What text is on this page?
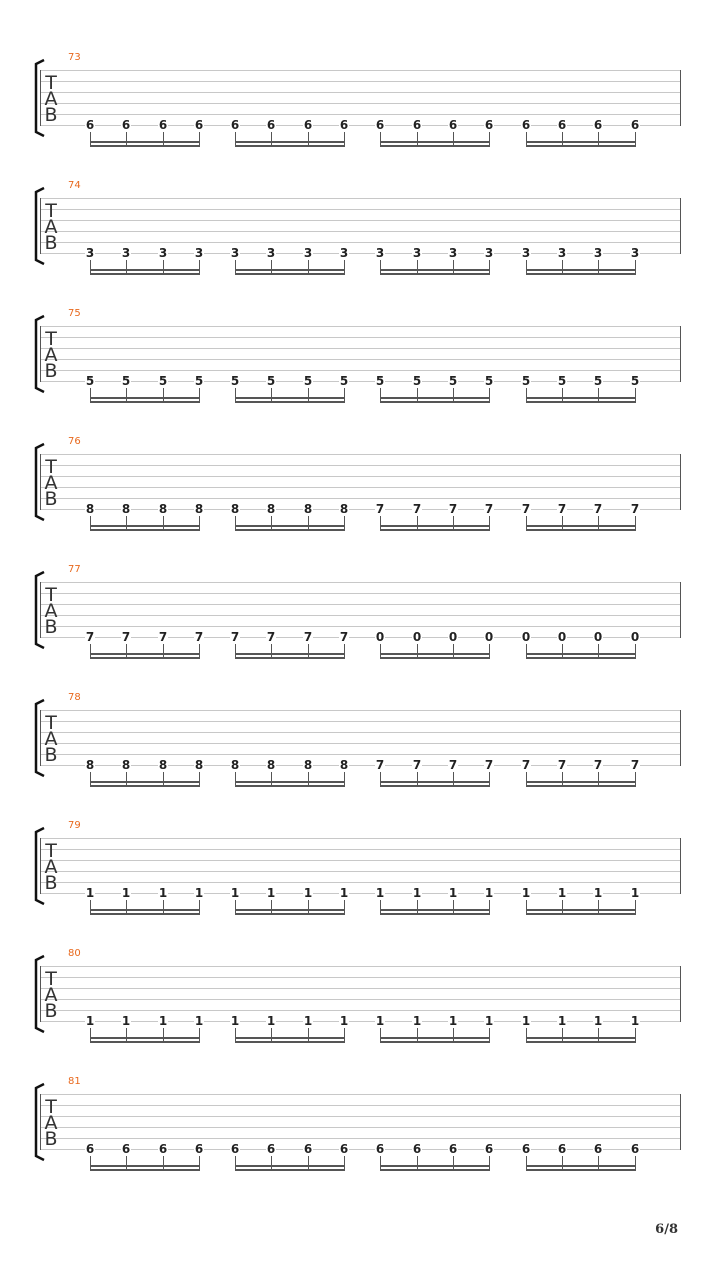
6 6 6 6 6 6 6 6 6 6 6 6 6 6 6 6
73
T
A
B
3 3 3 3 3 3 3 3 3 3 3 3 3 3 3 3
74
T
A
B
5 5 5 5 5 5 5 5 5 5 5 5 5 5 5 5
75
T
A
B
8 8 8 8 8 8 8 8 7 7 7 7 7 7 7 7
76
T
A
B
7 7 7 7 7 7 7 7 0 0 0 0 0 0 0 0
77
T
A
B
8 8 8 8 8 8 8 8 7 7 7 7 7 7 7 7
78
T
A
B
1 1 1 1 1 1 1 1 1 1 1 1 1 1 1 1
79
T
A
B
1 1 1 1 1 1 1 1 1 1 1 1 1 1 1 1
80
T
A
B
6 6 6 6 6 6 6 6 6 6 6 6 6 6 6 6
81
T
A
B
6/8
